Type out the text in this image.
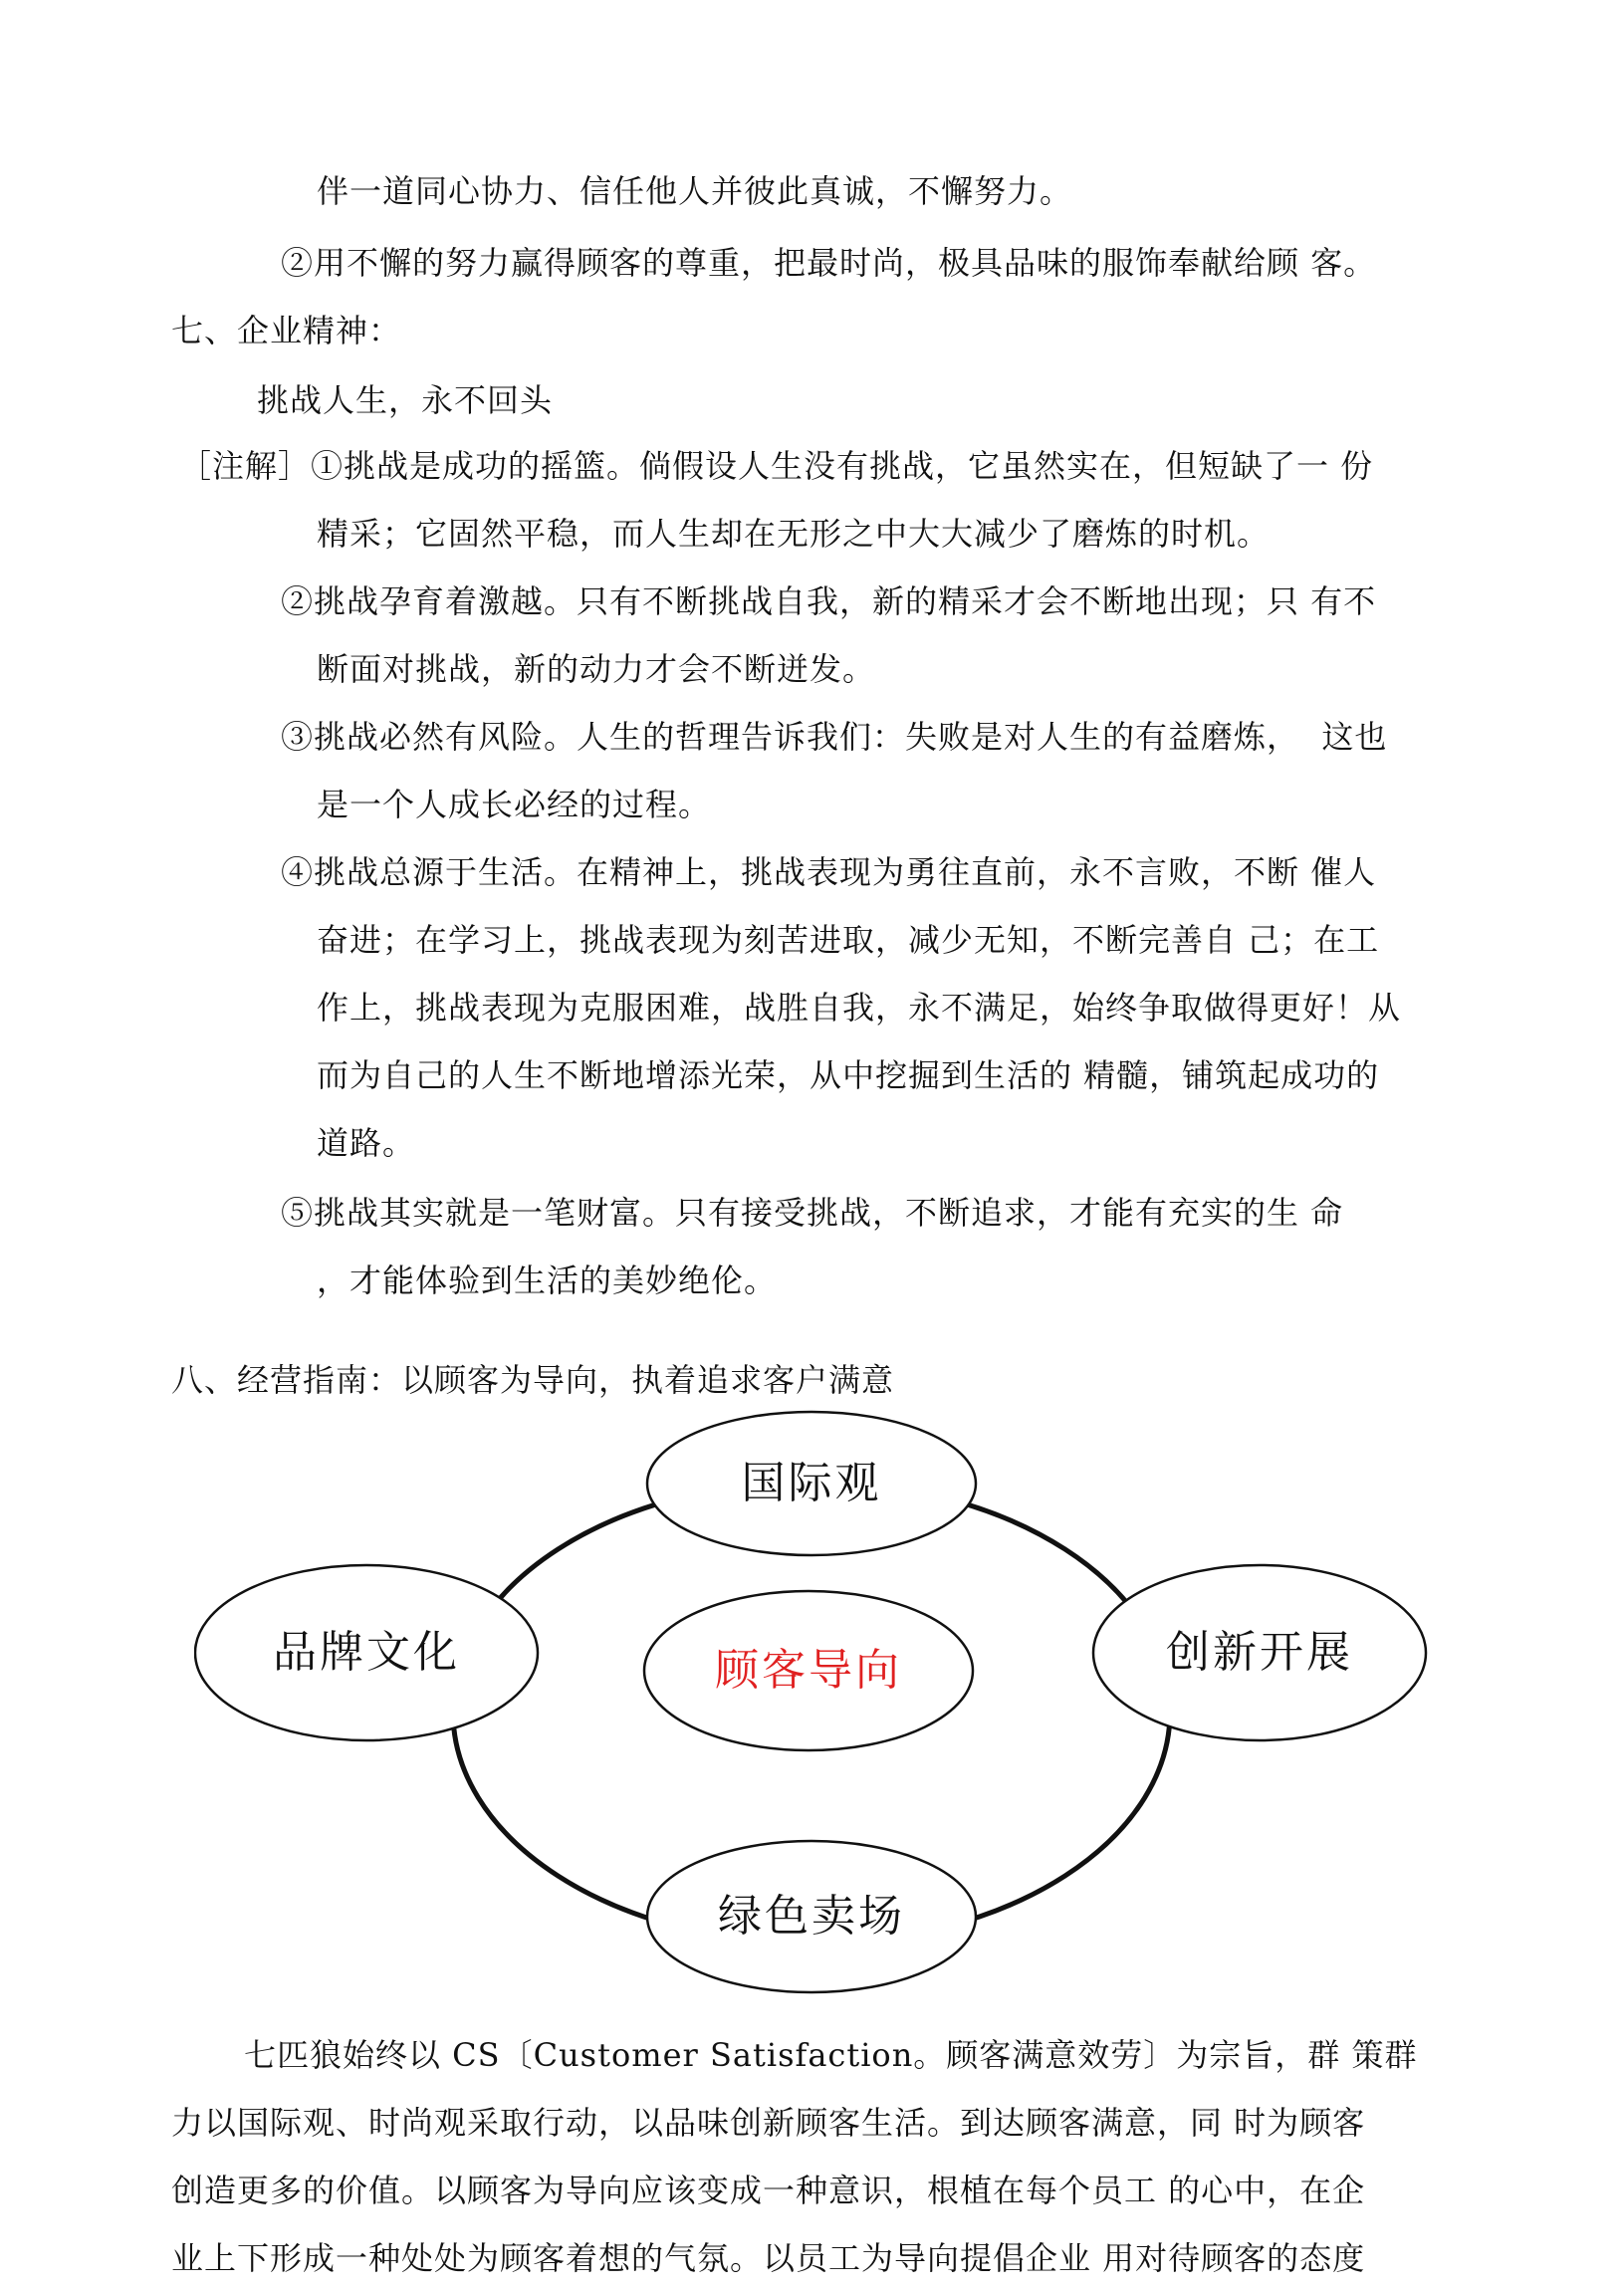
伴一道同心协力、信任他人并彼此真诚，不懈努力。
②用不懈的努力赢得顾客的尊重，把最时尚，极具品味的服饰奉献给顾 客。
七、企业精神：
挑战人生，永不回头
［注解］①挑战是成功的摇篮。倘假设人生没有挑战，它虽然实在，但短缺了一 份
精采；它固然平稳，而人生却在无形之中大大减少了磨炼的时机。
②挑战孕育着激越。只有不断挑战自我，新的精采才会不断地出现；只 有不
断面对挑战，新的动力才会不断迸发。
③挑战必然有风险。人生的哲理告诉我们：失败是对人生的有益磨炼，  这也
是一个人成长必经的过程。
④挑战总源于生活。在精神上，挑战表现为勇往直前，永不言败，不断 催人
奋进；在学习上，挑战表现为刻苦进取，减少无知，不断完善自 己；在工
作上，挑战表现为克服困难，战胜自我，永不满足，始终争取做得更好！从
而为自己的人生不断地增添光荣，从中挖掘到生活的 精髓，铺筑起成功的
道路。
⑤挑战其实就是一笔财富。只有接受挑战，不断追求，才能有充实的生 命
，才能体验到生活的美妙绝伦。
八、经营指南：以顾客为导向，执着追求客户满意
国际观
品牌文化	顾客导向	创新开展
绿色卖场
七匹狼始终以 CS〔Customer Satisfaction。顾客满意效劳〕为宗旨，群 策群
力以国际观、时尚观采取行动，以品味创新顾客生活。到达顾客满意，同 时为顾客
创造更多的价值。以顾客为导向应该变成一种意识，根植在每个员工 的心中，在企
业上下形成一种处处为顾客着想的气氛。以员工为导向提倡企业 用对待顾客的态度
